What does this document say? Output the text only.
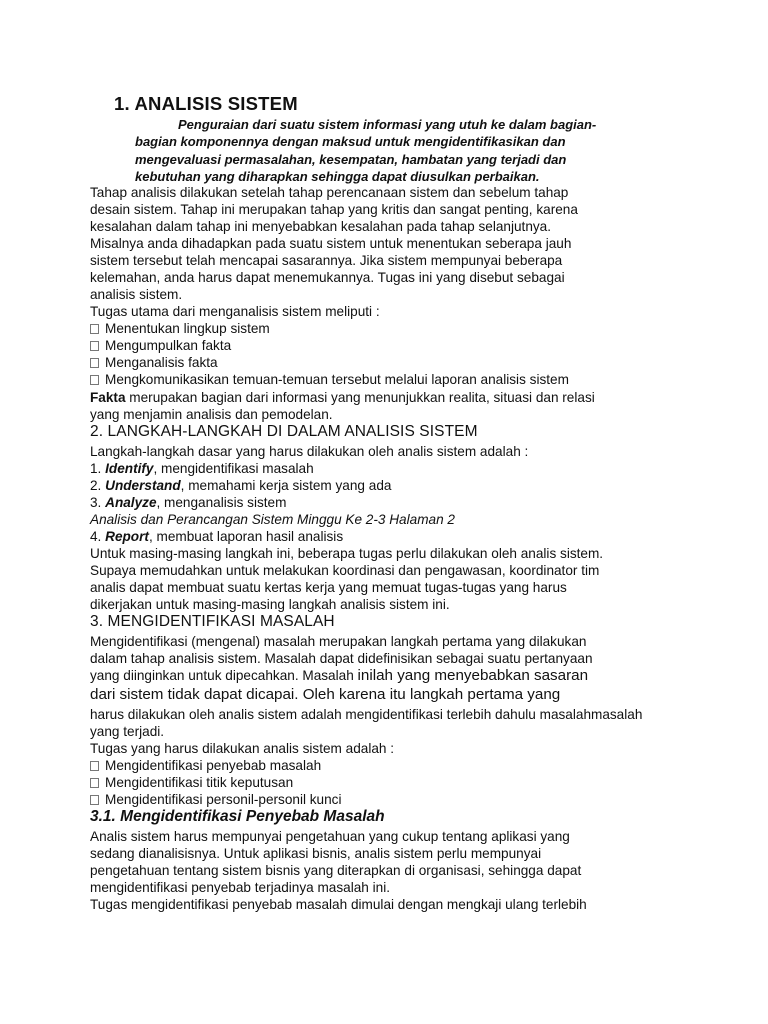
1. ANALISIS SISTEM
Penguraian dari suatu sistem informasi yang utuh ke dalam bagian-
bagian komponennya dengan maksud untuk mengidentifikasikan dan
mengevaluasi permasalahan, kesempatan, hambatan yang terjadi dan
kebutuhan yang diharapkan sehingga dapat diusulkan perbaikan.
Tahap analisis dilakukan setelah tahap perencanaan sistem dan sebelum tahap
desain sistem. Tahap ini merupakan tahap yang kritis dan sangat penting, karena
kesalahan dalam tahap ini menyebabkan kesalahan pada tahap selanjutnya.
Misalnya anda dihadapkan pada suatu sistem untuk menentukan seberapa jauh
sistem tersebut telah mencapai sasarannya. Jika sistem mempunyai beberapa
kelemahan, anda harus dapat menemukannya. Tugas ini yang disebut sebagai
analisis sistem.
Tugas utama dari menganalisis sistem meliputi :
Menentukan lingkup sistem
Mengumpulkan fakta
Menganalisis fakta
Mengkomunikasikan temuan-temuan tersebut melalui laporan analisis sistem
Fakta merupakan bagian dari informasi yang menunjukkan realita, situasi dan relasi
yang menjamin analisis dan pemodelan.
2. LANGKAH-LANGKAH DI DALAM ANALISIS SISTEM
Langkah-langkah dasar yang harus dilakukan oleh analis sistem adalah :
1. Identify, mengidentifikasi masalah
2. Understand, memahami kerja sistem yang ada
3. Analyze, menganalisis sistem
Analisis dan Perancangan Sistem Minggu Ke 2-3 Halaman 2
4. Report, membuat laporan hasil analisis
Untuk masing-masing langkah ini, beberapa tugas perlu dilakukan oleh analis sistem.
Supaya memudahkan untuk melakukan koordinasi dan pengawasan, koordinator tim
analis dapat membuat suatu kertas kerja yang memuat tugas-tugas yang harus
dikerjakan untuk masing-masing langkah analisis sistem ini.
3. MENGIDENTIFIKASI MASALAH
Mengidentifikasi (mengenal) masalah merupakan langkah pertama yang dilakukan
dalam tahap analisis sistem. Masalah dapat didefinisikan sebagai suatu pertanyaan
yang diinginkan untuk dipecahkan. Masalah inilah yang menyebabkan sasaran
dari sistem tidak dapat dicapai. Oleh karena itu langkah pertama yang
harus dilakukan oleh analis sistem adalah mengidentifikasi terlebih dahulu masalahmasalah
yang terjadi.
Tugas yang harus dilakukan analis sistem adalah :
Mengidentifikasi penyebab masalah
Mengidentifikasi titik keputusan
Mengidentifikasi personil-personil kunci
3.1. Mengidentifikasi Penyebab Masalah
Analis sistem harus mempunyai pengetahuan yang cukup tentang aplikasi yang
sedang dianalisisnya. Untuk aplikasi bisnis, analis sistem perlu mempunyai
pengetahuan tentang sistem bisnis yang diterapkan di organisasi, sehingga dapat
mengidentifikasi penyebab terjadinya masalah ini.
Tugas mengidentifikasi penyebab masalah dimulai dengan mengkaji ulang terlebih
